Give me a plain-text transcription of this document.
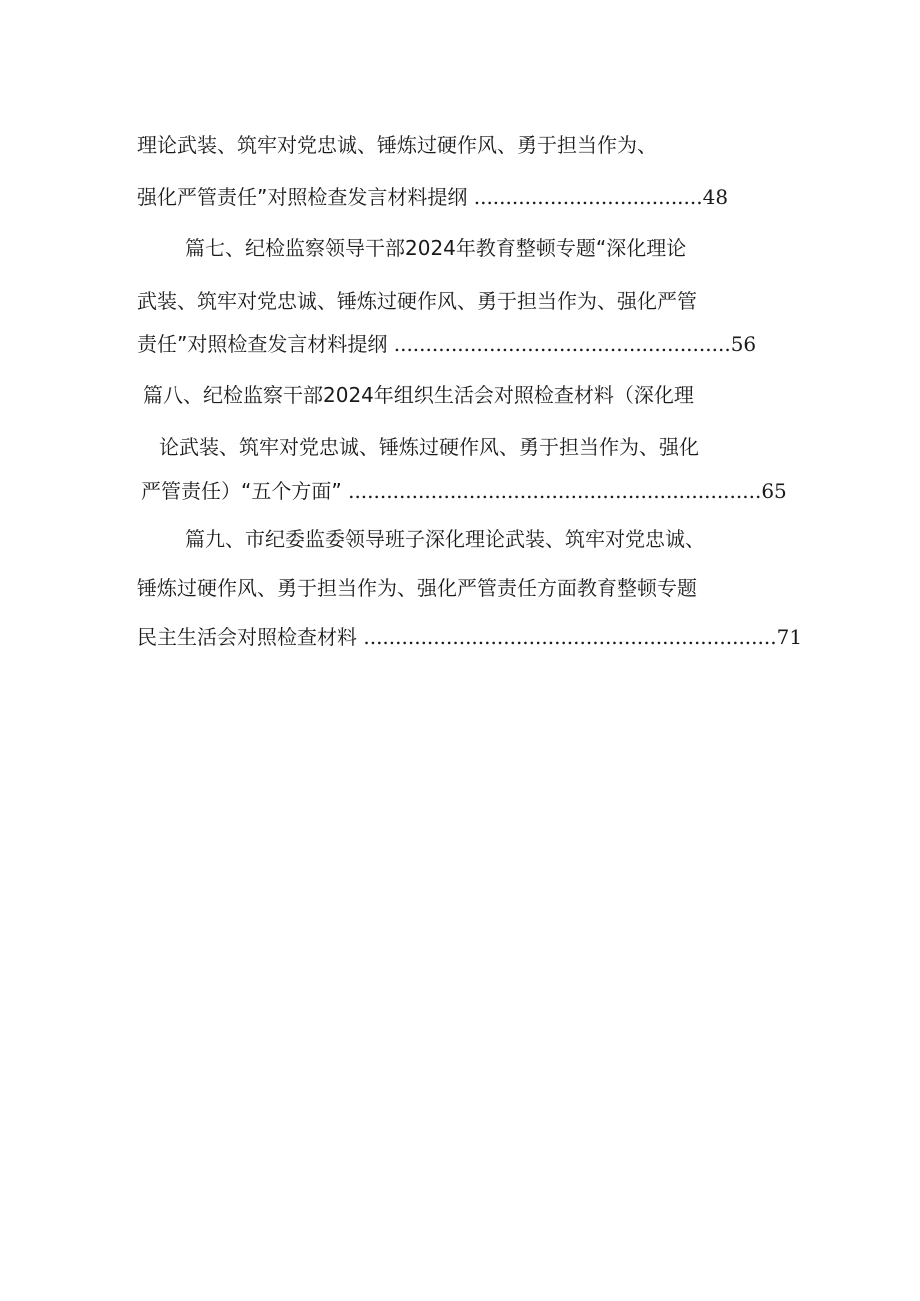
理论武装、筑牢对党忠诚、锤炼过硬作风、勇于担当作为、
强化严管责任”对照检查发言材料提纲 ....................................48
篇七、纪检监察领导干部2024年教育整顿专题“深化理论
武装、筑牢对党忠诚、锤炼过硬作风、勇于担当作为、强化严管
责任”对照检查发言材料提纲 .....................................................56
篇八、纪检监察干部2024年组织生活会对照检查材料（深化理
论武装、筑牢对党忠诚、锤炼过硬作风、勇于担当作为、强化
严管责任）“五个方面” .................................................................65
篇九、市纪委监委领导班子深化理论武装、筑牢对党忠诚、
锤炼过硬作风、勇于担当作为、强化严管责任方面教育整顿专题
民主生活会对照检查材料 .................................................................71
